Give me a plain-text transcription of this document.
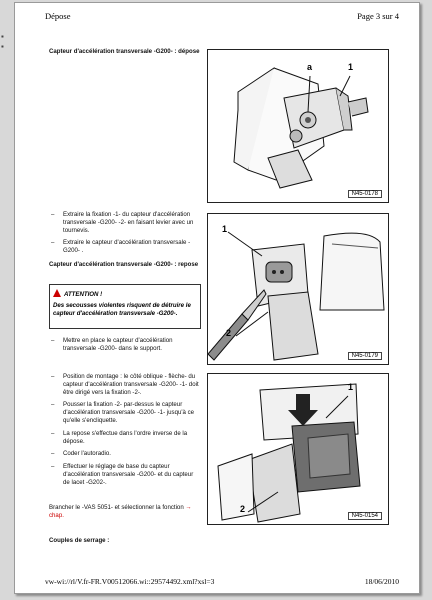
Dépose	Page 3 sur 4
Capteur d'accélération transversale -G200- : dépose
– Extraire la fixation -1- du capteur d'accélération transversale -G200- -2- en faisant levier avec un tournevis.
– Extraire le capteur d'accélération transversale -G200- .
Capteur d'accélération transversale -G200- : repose
ATTENTION !
Des secousses violentes risquent de détruire le capteur d'accélération transversale -G200-.
– Mettre en place le capteur d'accélération transversale -G200- dans le support.
– Position de montage : le côté oblique - flèche- du capteur d'accélération transversale -G200- -1- doit être dirigé vers la fixation -2-.
– Pousser la fixation -2- par-dessus le capteur d'accélération transversale -G200- -1- jusqu'à ce qu'elle s'encliquette.
– La repose s'effectue dans l'ordre inverse de la dépose.
– Coder l'autoradio.
– Effectuer le réglage de base du capteur d'accélération transversale -G200- et du capteur de lacet -G202-.
Brancher le -VAS 5051- et sélectionner la fonction → chap.
Couples de serrage :
a	1
N45-0178
1
2
N45-0179
1
2
N45-0154
vw-wi://rl/V.fr-FR.V00512066.wi::29574492.xml?xsl=3	18/06/2010
▪
▪
